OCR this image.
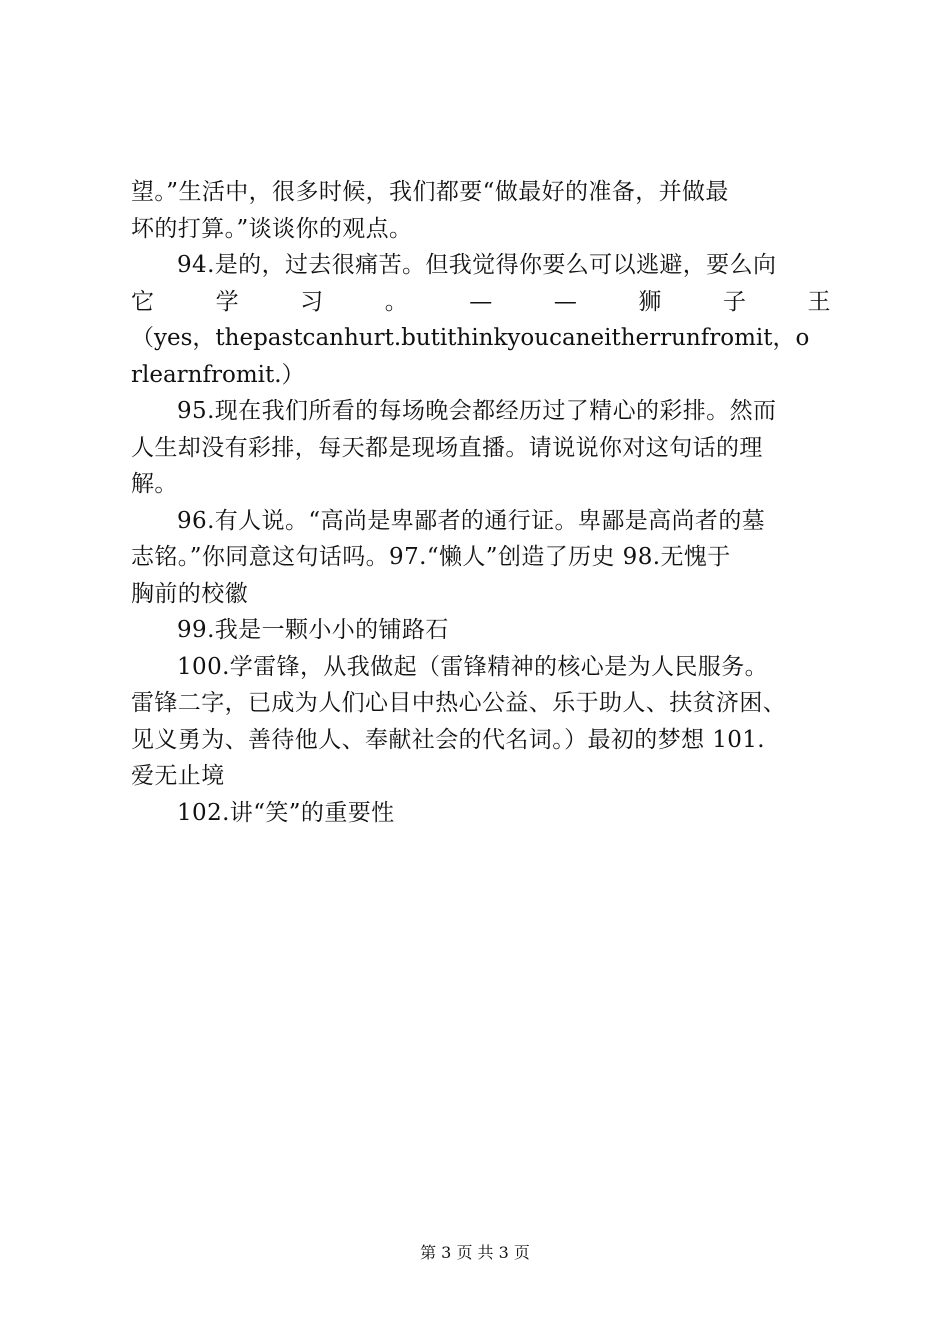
望。”生活中，很多时候，我们都要“做最好的准备，并做最
坏的打算。”谈谈你的观点。
94.是的，过去很痛苦。但我觉得你要么可以逃避，要么向
它	学	习	。	—	—	狮	子	王
（yes，thepastcanhurt.butithinkyoucaneitherrunfromit，o
rlearnfromit.）
95.现在我们所看的每场晚会都经历过了精心的彩排。然而
人生却没有彩排，每天都是现场直播。请说说你对这句话的理
解。
96.有人说。“高尚是卑鄙者的通行证。卑鄙是高尚者的墓
志铭。”你同意这句话吗。97.“懒人”创造了历史 98.无愧于
胸前的校徽
99.我是一颗小小的铺路石
100.学雷锋，从我做起（雷锋精神的核心是为人民服务。
雷锋二字，已成为人们心目中热心公益、乐于助人、扶贫济困、
见义勇为、善待他人、奉献社会的代名词。）最初的梦想 101.
爱无止境
102.讲“笑”的重要性
第 3 页 共 3 页
